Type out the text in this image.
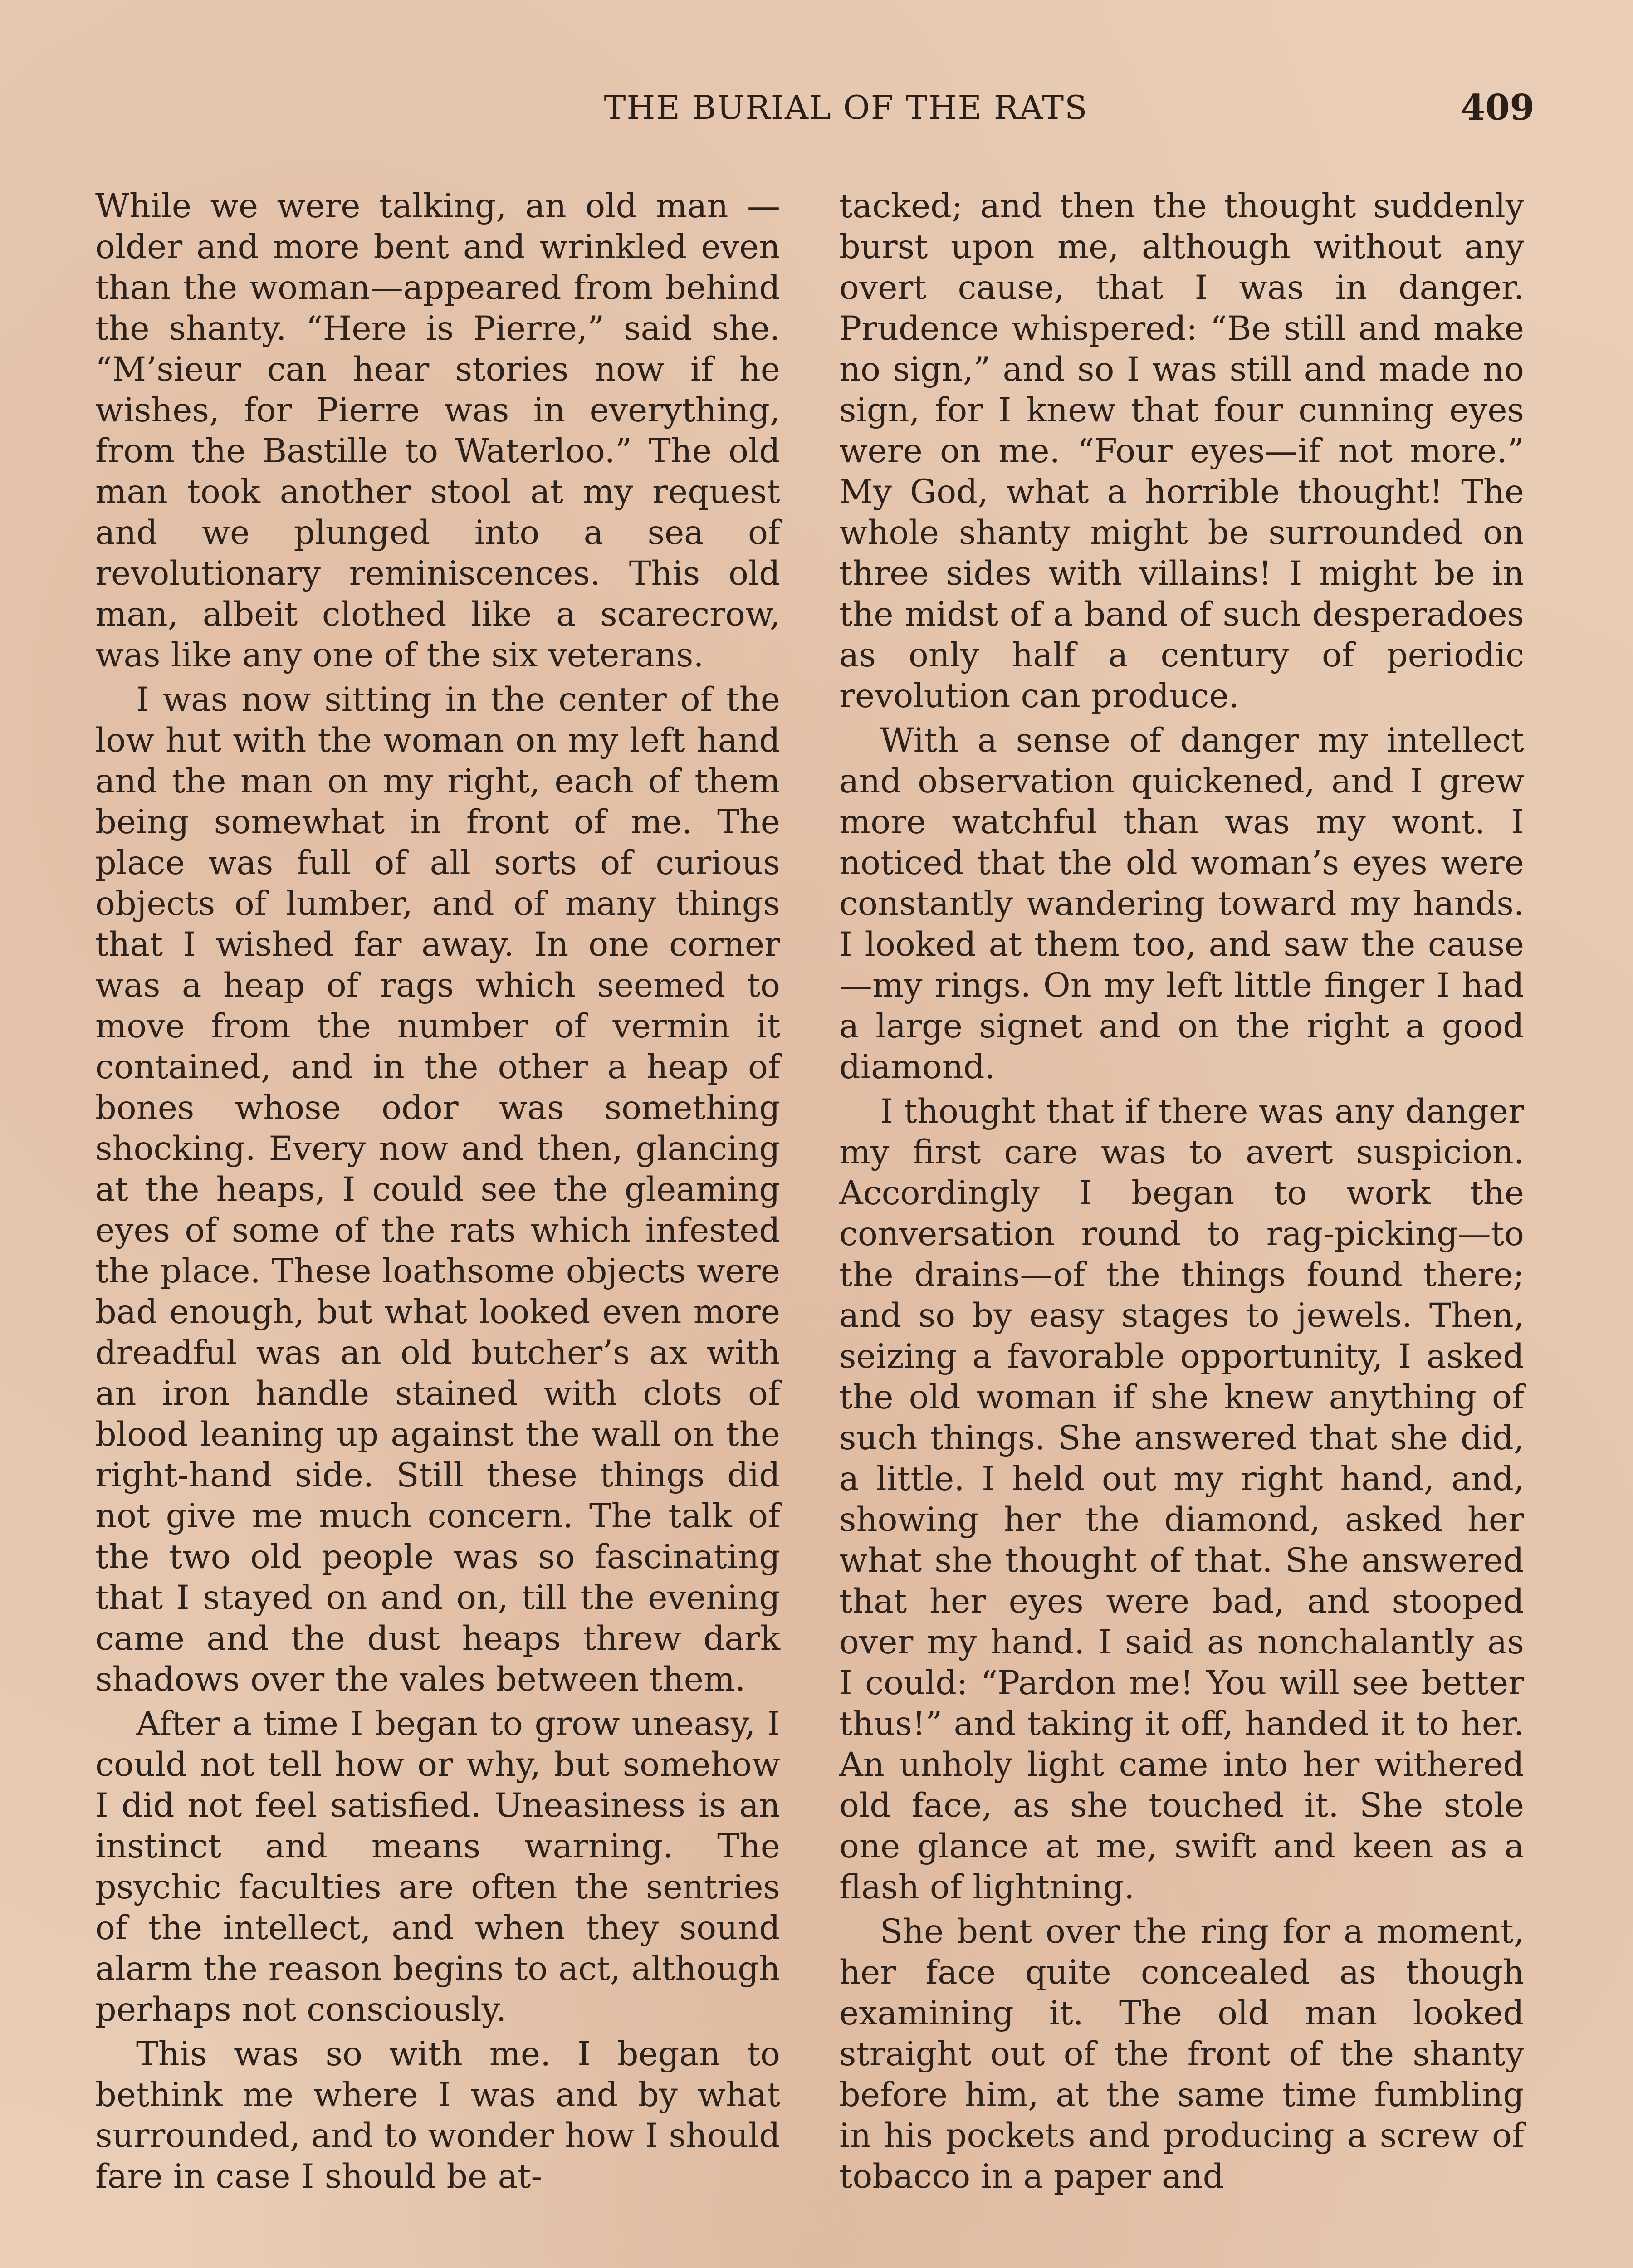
THE BURIAL OF THE RATS	409

While we were talking, an old man —older and more bent and wrinkled even than the woman—appeared from behind the shanty. “Here is Pierre,” said she. “M’sieur can hear stories now if he wishes, for Pierre was in everything, from the Bastille to Waterloo.” The old man took another stool at my request and we plunged into a sea of revolutionary reminiscences. This old man, albeit clothed like a scarecrow, was like any one of the six veterans.

I was now sitting in the center of the low hut with the woman on my left hand and the man on my right, each of them being somewhat in front of me. The place was full of all sorts of curious objects of lumber, and of many things that I wished far away. In one corner was a heap of rags which seemed to move from the number of vermin it contained, and in the other a heap of bones whose odor was something shocking. Every now and then, glancing at the heaps, I could see the gleaming eyes of some of the rats which infested the place. These loathsome objects were bad enough, but what looked even more dreadful was an old butcher’s ax with an iron handle stained with clots of blood leaning up against the wall on the right-hand side. Still these things did not give me much concern. The talk of the two old people was so fascinating that I stayed on and on, till the evening came and the dust heaps threw dark shadows over the vales between them.

After a time I began to grow uneasy, I could not tell how or why, but somehow I did not feel satisfied. Uneasiness is an instinct and means warning. The psychic faculties are often the sentries of the intellect, and when they sound alarm the reason begins to act, although perhaps not consciously.

This was so with me. I began to bethink me where I was and by what surrounded, and to wonder how I should fare in case I should be at-

tacked; and then the thought suddenly burst upon me, although without any overt cause, that I was in danger. Prudence whispered: “Be still and make no sign,” and so I was still and made no sign, for I knew that four cunning eyes were on me. “Four eyes—if not more.” My God, what a horrible thought! The whole shanty might be surrounded on three sides with villains! I might be in the midst of a band of such desperadoes as only half a century of periodic revolution can produce.

With a sense of danger my intellect and observation quickened, and I grew more watchful than was my wont. I noticed that the old woman’s eyes were constantly wandering toward my hands. I looked at them too, and saw the cause—my rings. On my left little finger I had a large signet and on the right a good diamond.

I thought that if there was any danger my first care was to avert suspicion. Accordingly I began to work the conversation round to rag-picking—to the drains—of the things found there; and so by easy stages to jewels. Then, seizing a favorable opportunity, I asked the old woman if she knew anything of such things. She answered that she did, a little. I held out my right hand, and, showing her the diamond, asked her what she thought of that. She answered that her eyes were bad, and stooped over my hand. I said as nonchalantly as I could: “Pardon me! You will see better thus!” and taking it off, handed it to her. An unholy light came into her withered old face, as she touched it. She stole one glance at me, swift and keen as a flash of lightning.

She bent over the ring for a moment, her face quite concealed as though examining it. The old man looked straight out of the front of the shanty before him, at the same time fumbling in his pockets and producing a screw of tobacco in a paper and
